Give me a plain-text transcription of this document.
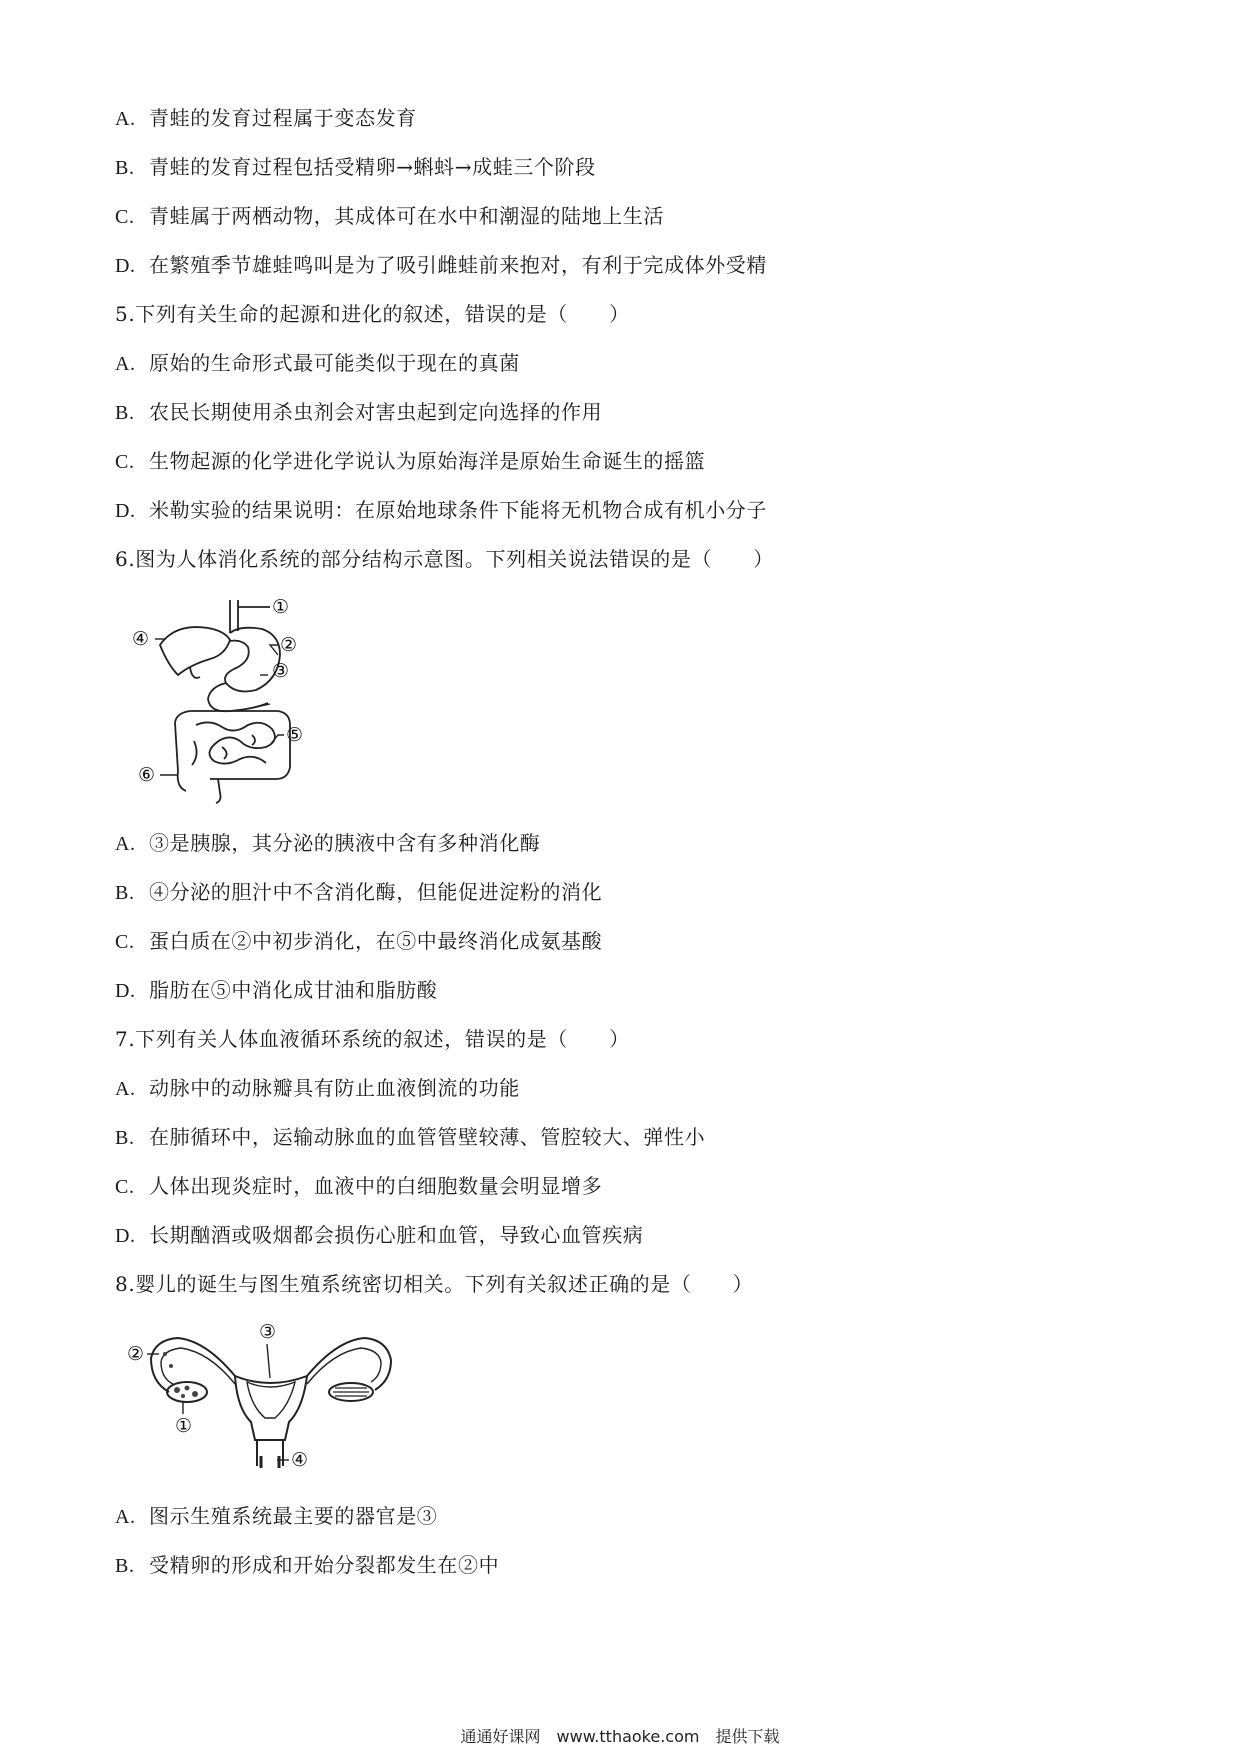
A. 青蛙的发育过程属于变态发育
B. 青蛙的发育过程包括受精卵→蝌蚪→成蛙三个阶段
C. 青蛙属于两栖动物，其成体可在水中和潮湿的陆地上生活
D. 在繁殖季节雄蛙鸣叫是为了吸引雌蛙前来抱对，有利于完成体外受精
5.下列有关生命的起源和进化的叙述，错误的是（　　）
A. 原始的生命形式最可能类似于现在的真菌
B. 农民长期使用杀虫剂会对害虫起到定向选择的作用
C. 生物起源的化学进化学说认为原始海洋是原始生命诞生的摇篮
D. 米勒实验的结果说明：在原始地球条件下能将无机物合成有机小分子
6.图为人体消化系统的部分结构示意图。下列相关说法错误的是（　　）
①
②
③
④
⑤
⑥
A. ③是胰腺，其分泌的胰液中含有多种消化酶
B. ④分泌的胆汁中不含消化酶，但能促进淀粉的消化
C. 蛋白质在②中初步消化，在⑤中最终消化成氨基酸
D. 脂肪在⑤中消化成甘油和脂肪酸
7.下列有关人体血液循环系统的叙述，错误的是（　　）
A. 动脉中的动脉瓣具有防止血液倒流的功能
B. 在肺循环中，运输动脉血的血管管壁较薄、管腔较大、弹性小
C. 人体出现炎症时，血液中的白细胞数量会明显增多
D. 长期酗酒或吸烟都会损伤心脏和血管，导致心血管疾病
8.婴儿的诞生与图生殖系统密切相关。下列有关叙述正确的是（　　）
③
②
①
④
A. 图示生殖系统最主要的器官是③
B. 受精卵的形成和开始分裂都发生在②中
通通好课网　www.tthaoke.com　提供下载
